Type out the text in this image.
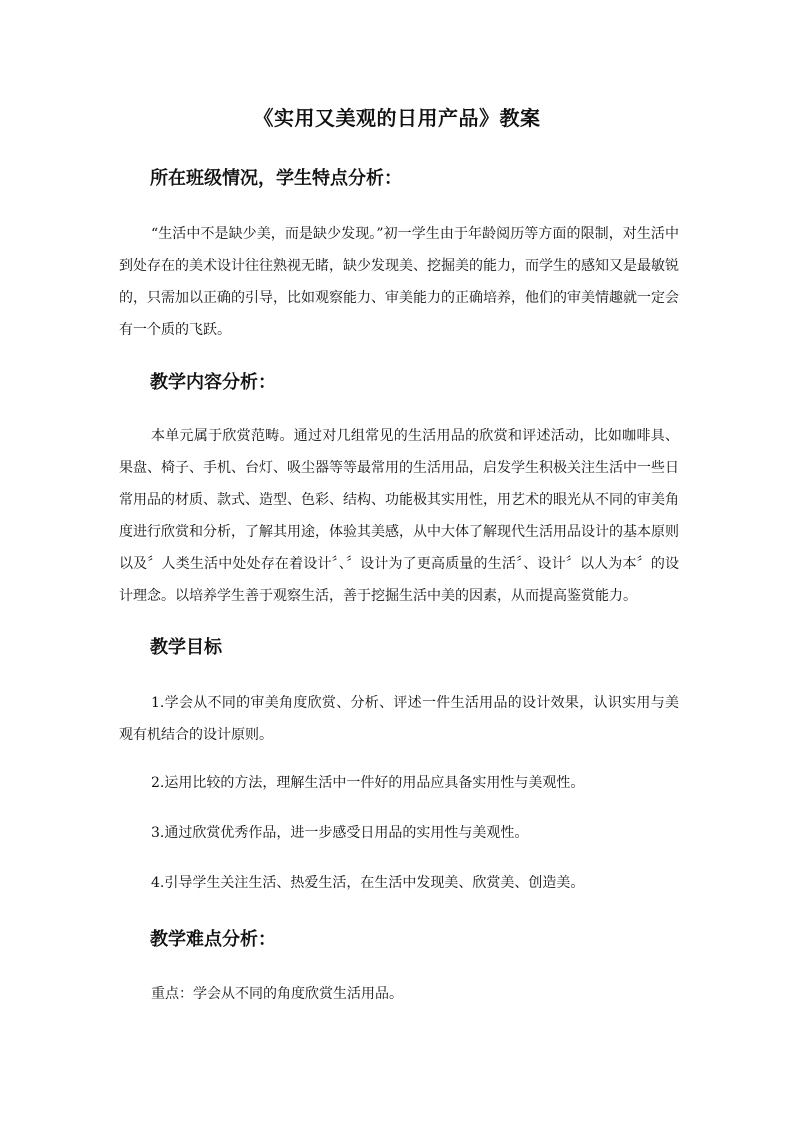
《实用又美观的日用产品》教案
所在班级情况，学生特点分析：

“生活中不是缺少美，而是缺少发现。”初一学生由于年龄阅历等方面的限制，对生活中到处存在的美术设计往往熟视无睹，缺少发现美、挖掘美的能力，而学生的感知又是最敏锐的，只需加以正确的引导，比如观察能力、审美能力的正确培养，他们的审美情趣就一定会有一个质的飞跃。

教学内容分析：

本单元属于欣赏范畴。通过对几组常见的生活用品的欣赏和评述活动，比如咖啡具、果盘、椅子、手机、台灯、吸尘器等等最常用的生活用品，启发学生积极关注生活中一些日常用品的材质、款式、造型、色彩、结构、功能极其实用性，用艺术的眼光从不同的审美角度进行欣赏和分析，了解其用途，体验其美感，从中大体了解现代生活用品设计的基本原则以及〞人类生活中处处存在着设计〞、〞设计为了更高质量的生活〞、设计〞以人为本〞的设计理念。以培养学生善于观察生活，善于挖掘生活中美的因素，从而提高鉴赏能力。

教学目标

1.学会从不同的审美角度欣赏、分析、评述一件生活用品的设计效果，认识实用与美观有机结合的设计原则。

2.运用比较的方法，理解生活中一件好的用品应具备实用性与美观性。

3.通过欣赏优秀作品，进一步感受日用品的实用性与美观性。

4.引导学生关注生活、热爱生活，在生活中发现美、欣赏美、创造美。

教学难点分析：

重点：学会从不同的角度欣赏生活用品。
